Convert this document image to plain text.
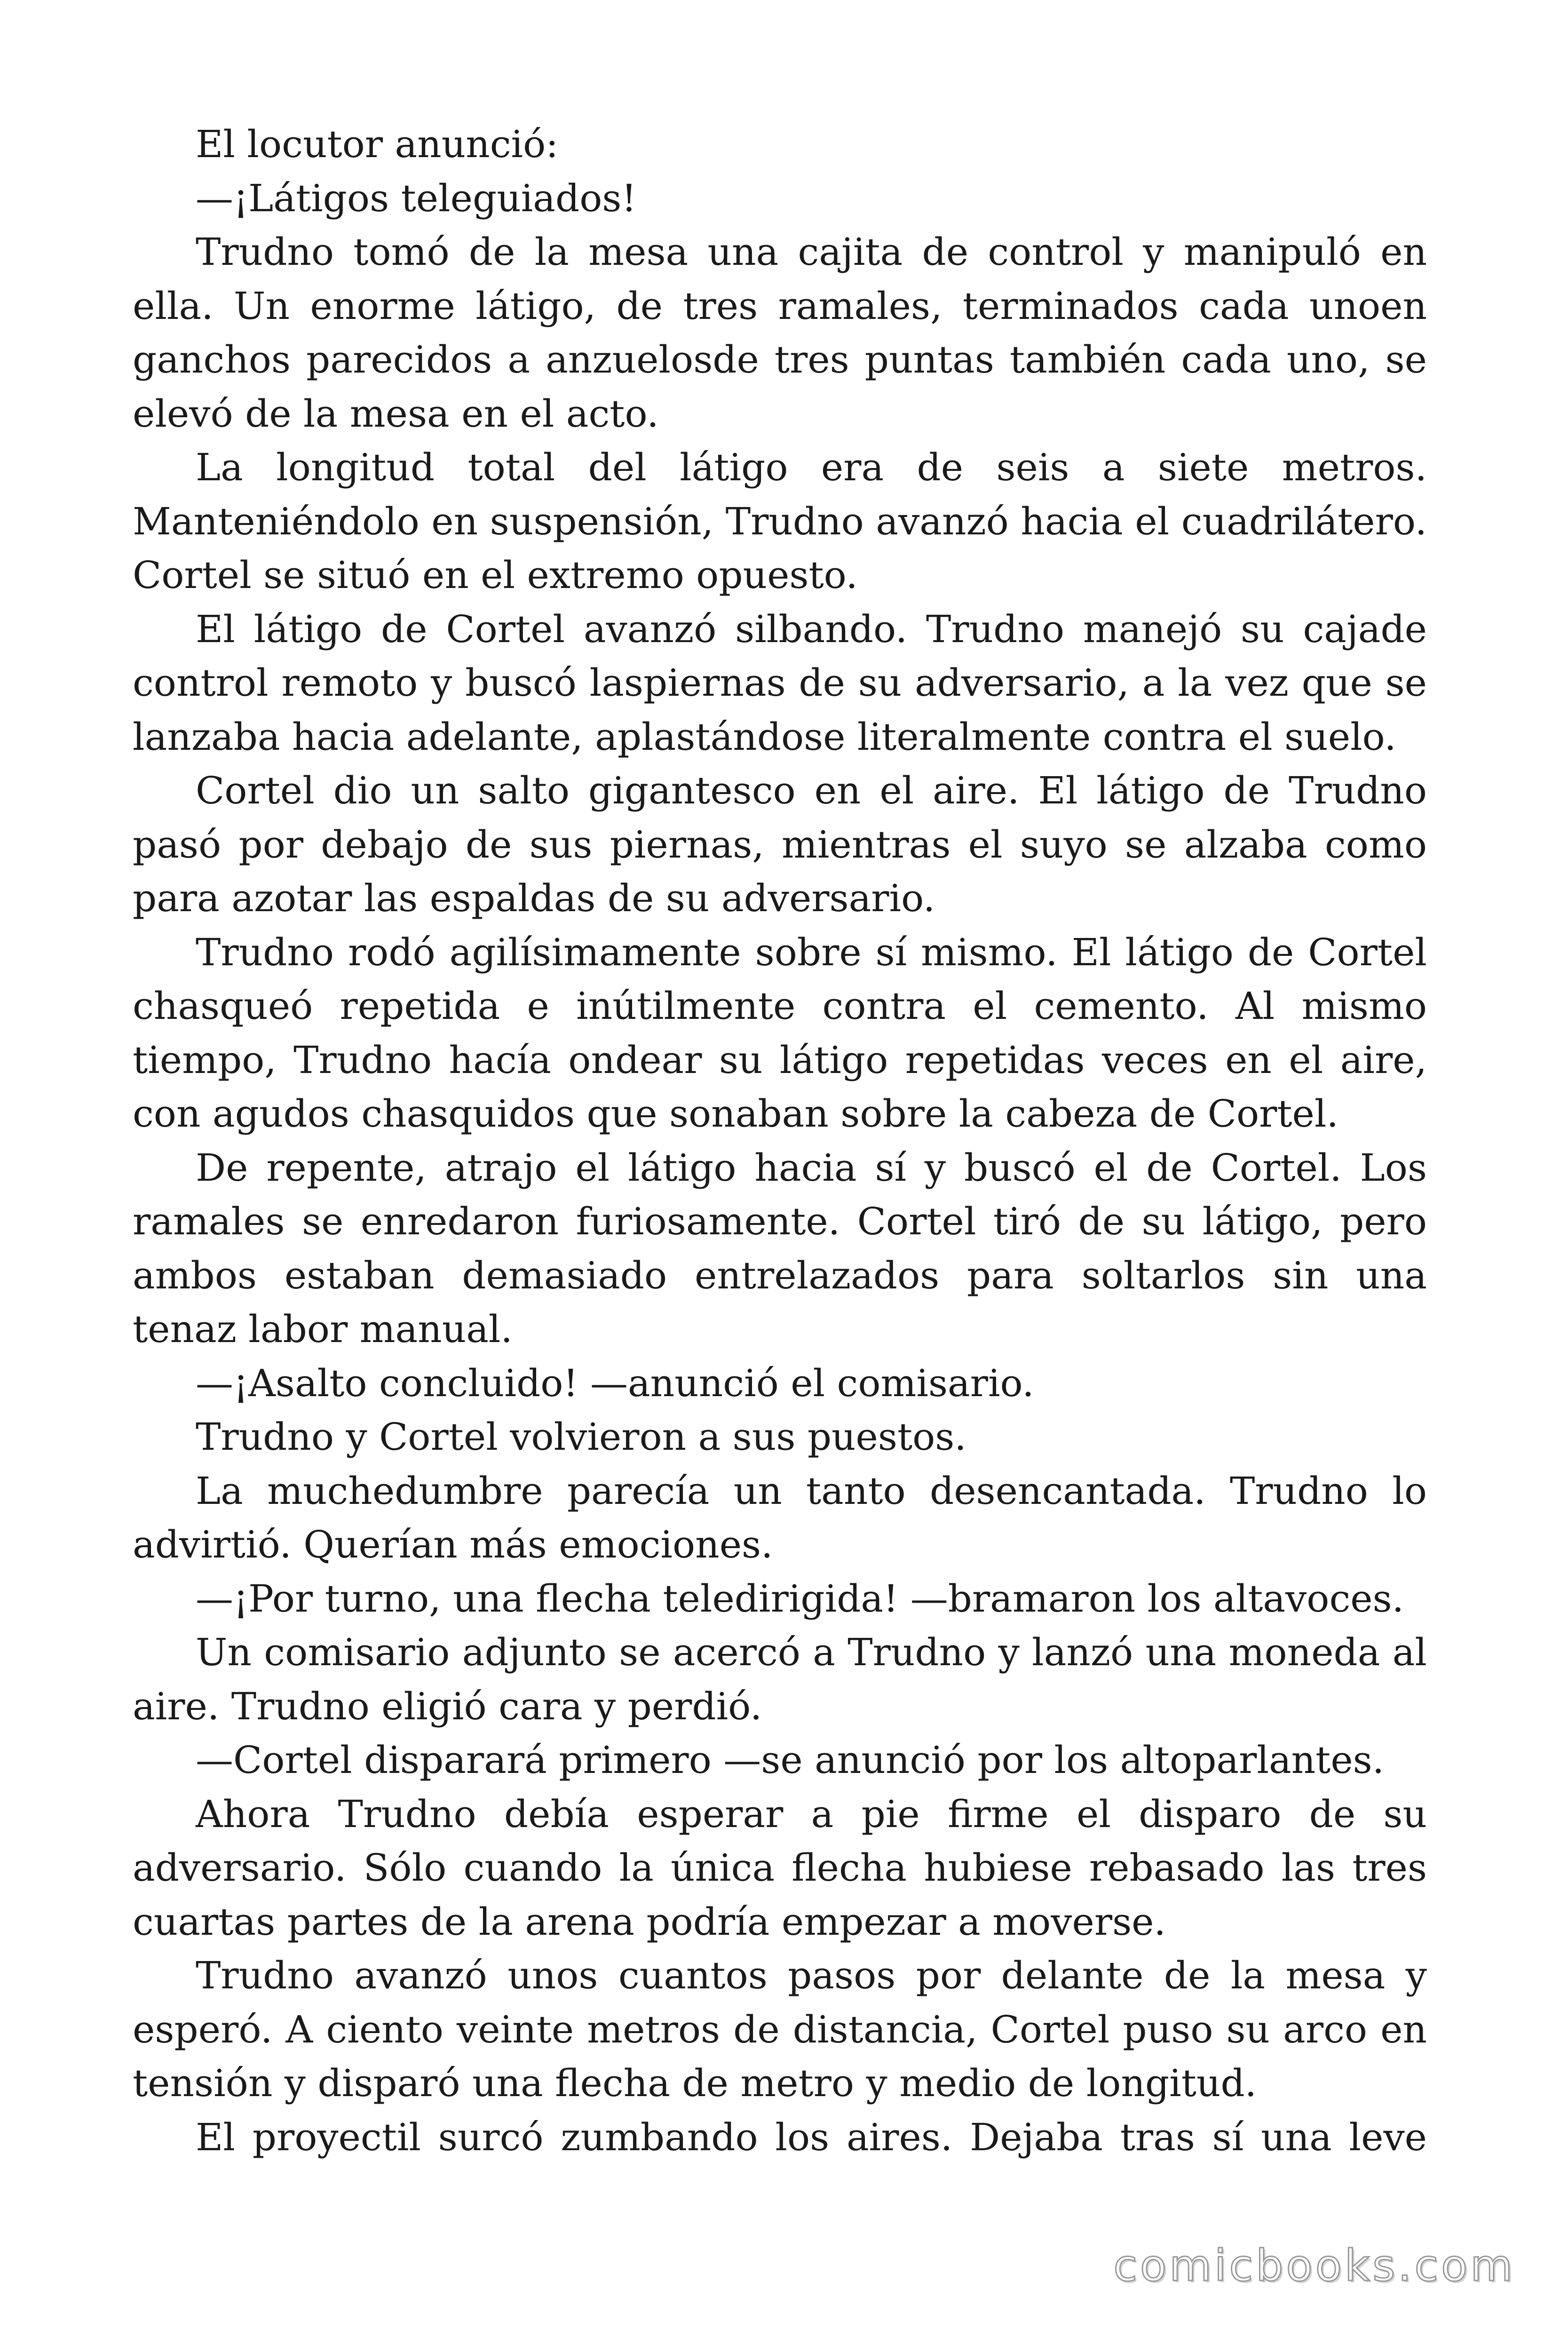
El locutor anunció:

—¡Látigos teleguiados!

Trudno tomó de la mesa una cajita de control y manipuló en ella. Un enorme látigo, de tres ramales, terminados cada unoen ganchos parecidos a anzuelosde tres puntas también cada uno, se elevó de la mesa en el acto.

La longitud total del látigo era de seis a siete metros. Manteniéndolo en suspensión, Trudno avanzó hacia el cuadrilátero. Cortel se situó en el extremo opuesto.

El látigo de Cortel avanzó silbando. Trudno manejó su cajade control remoto y buscó laspiernas de su adversario, a la vez que se lanzaba hacia adelante, aplastándose literalmente contra el suelo.

Cortel dio un salto gigantesco en el aire. El látigo de Trudno pasó por debajo de sus piernas, mientras el suyo se alzaba como para azotar las espaldas de su adversario.

Trudno rodó agilísimamente sobre sí mismo. El látigo de Cortel chasqueó repetida e inútilmente contra el cemento. Al mismo tiempo, Trudno hacía ondear su látigo repetidas veces en el aire, con agudos chasquidos que sonaban sobre la cabeza de Cortel.

De repente, atrajo el látigo hacia sí y buscó el de Cortel. Los ramales se enredaron furiosamente. Cortel tiró de su látigo, pero ambos estaban demasiado entrelazados para soltarlos sin una tenaz labor manual.

—¡Asalto concluido! —anunció el comisario.

Trudno y Cortel volvieron a sus puestos.

La muchedumbre parecía un tanto desencantada. Trudno lo advirtió. Querían más emociones.

—¡Por turno, una flecha teledirigida! —bramaron los altavoces.

Un comisario adjunto se acercó a Trudno y lanzó una moneda al aire. Trudno eligió cara y perdió.

—Cortel disparará primero —se anunció por los altoparlantes.

Ahora Trudno debía esperar a pie firme el disparo de su adversario. Sólo cuando la única flecha hubiese rebasado las tres cuartas partes de la arena podría empezar a moverse.

Trudno avanzó unos cuantos pasos por delante de la mesa y esperó. A ciento veinte metros de distancia, Cortel puso su arco en tensión y disparó una flecha de metro y medio de longitud.

El proyectil surcó zumbando los aires. Dejaba tras sí una leve

comicbooks.com
